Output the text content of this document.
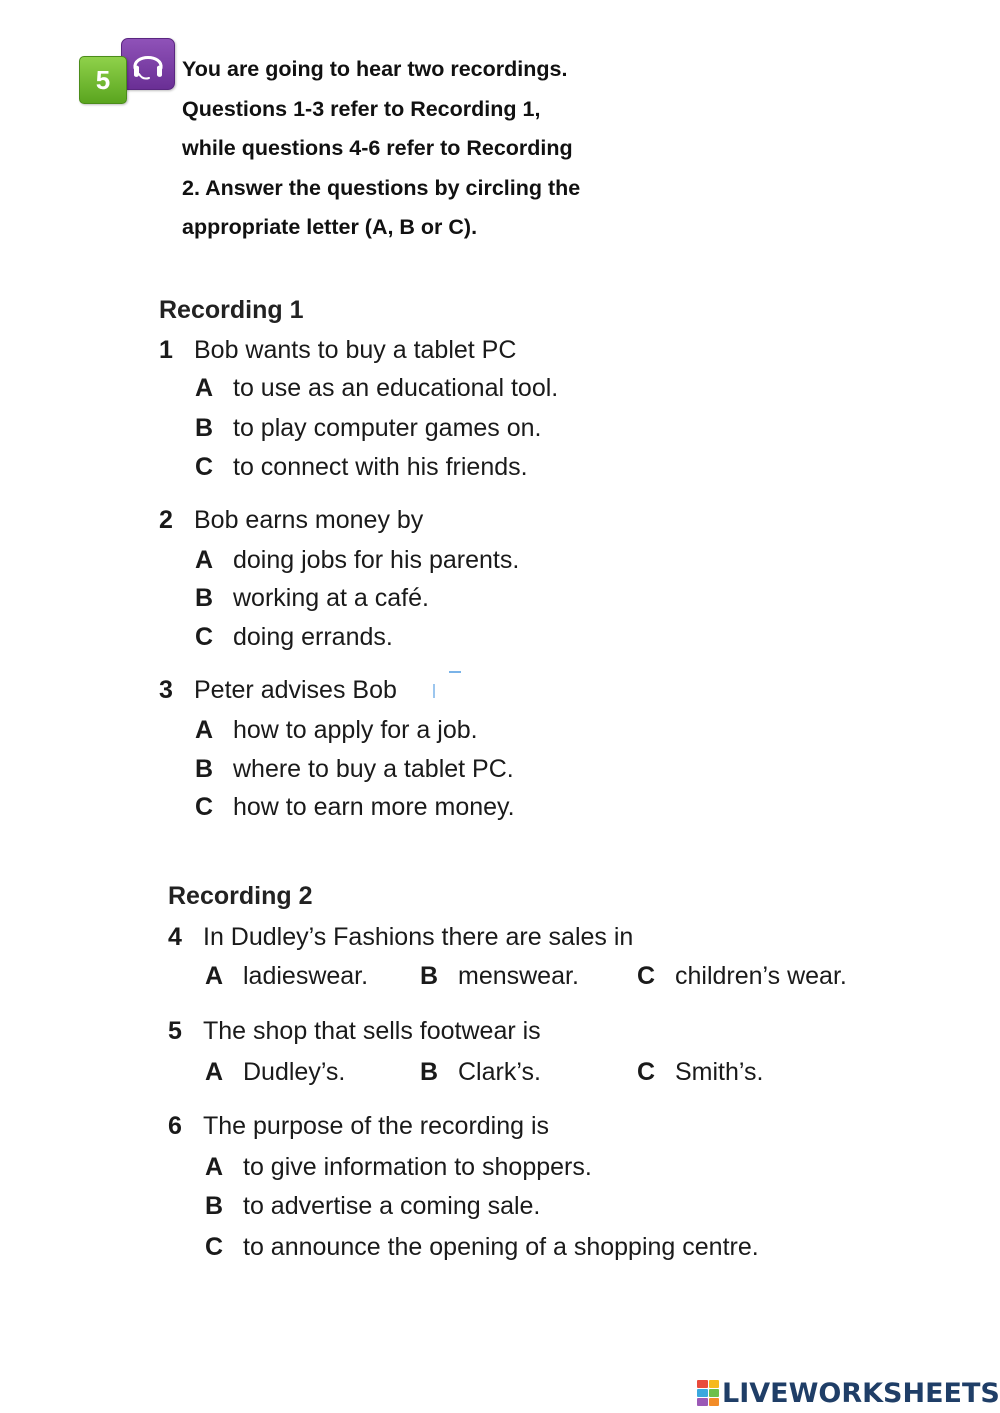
5	You are going to hear two recordings.
Questions 1-3 refer to Recording 1,
while questions 4-6 refer to Recording
2. Answer the questions by circling the
appropriate letter (A, B or C).
Recording 1
1 Bob wants to buy a tablet PC
A to use as an educational tool.
B to play computer games on.
C to connect with his friends.
2 Bob earns money by
A doing jobs for his parents.
B working at a café.
C doing errands.
3 Peter advises Bob
A how to apply for a job.
B where to buy a tablet PC.
C how to earn more money.
Recording 2
4 In Dudley’s Fashions there are sales in
A ladieswear. B menswear. C children’s wear.
5 The shop that sells footwear is
A Dudley’s.	B Clark’s.	C Smith’s.
6 The purpose of the recording is
A to give information to shoppers.
B to advertise a coming sale.
C to announce the opening of a shopping centre.
LIVEWORKSHEETS
